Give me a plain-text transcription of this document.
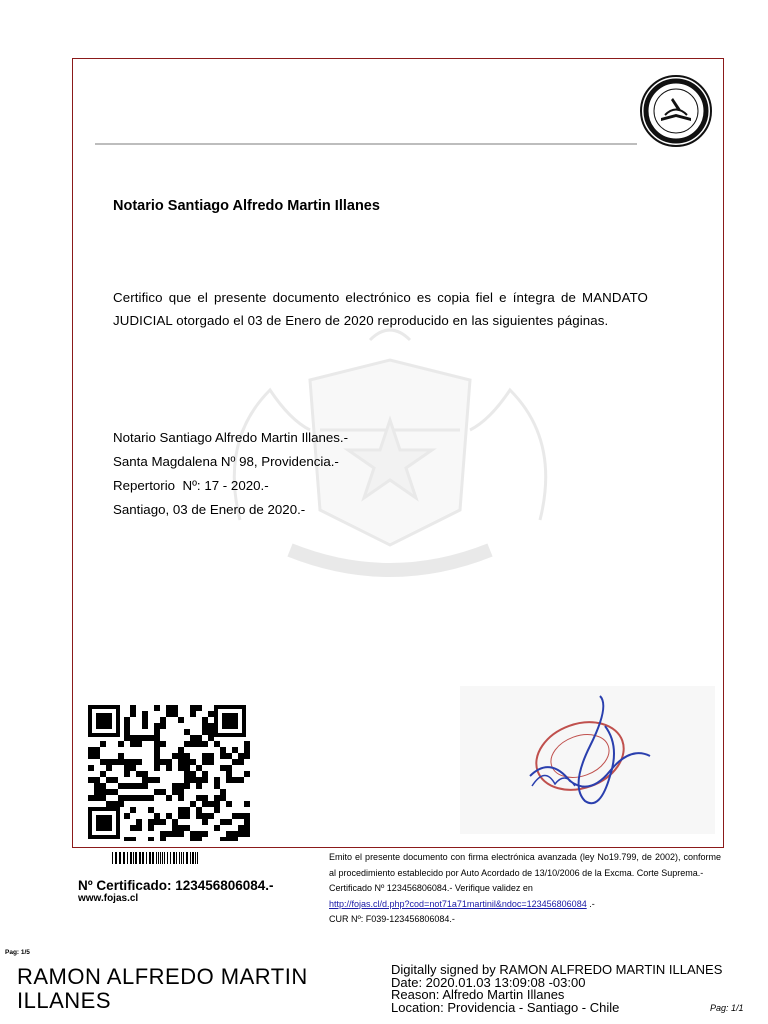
Notario Santiago Alfredo Martin Illanes
Certifico que el presente documento electrónico es copia fiel e íntegra de MANDATO JUDICIAL otorgado el 03 de Enero de 2020 reproducido en las siguientes páginas.
Notario Santiago Alfredo Martin Illanes.-
Santa Magdalena Nº 98, Providencia.-
Repertorio  Nº: 17 - 2020.-
Santiago, 03 de Enero de 2020.-
Nº Certificado: 123456806084.-
www.fojas.cl
Emito el presente documento con firma electrónica avanzada (ley No19.799, de 2002), conforme al procedimiento establecido por Auto Acordado de 13/10/2006 de la Excma. Corte Suprema.-
Certificado Nº 123456806084.- Verifique validez en
http://fojas.cl/d.php?cod=not71a71martinil&ndoc=123456806084 .-
CUR Nº: F039-123456806084.-
Pag: 1/5
RAMON ALFREDO MARTIN ILLANES
Digitally signed by RAMON ALFREDO MARTIN ILLANES
Date: 2020.01.03 13:09:08 -03:00
Reason: Alfredo Martin Illanes
Location: Providencia - Santiago - Chile	Pag: 1/1
